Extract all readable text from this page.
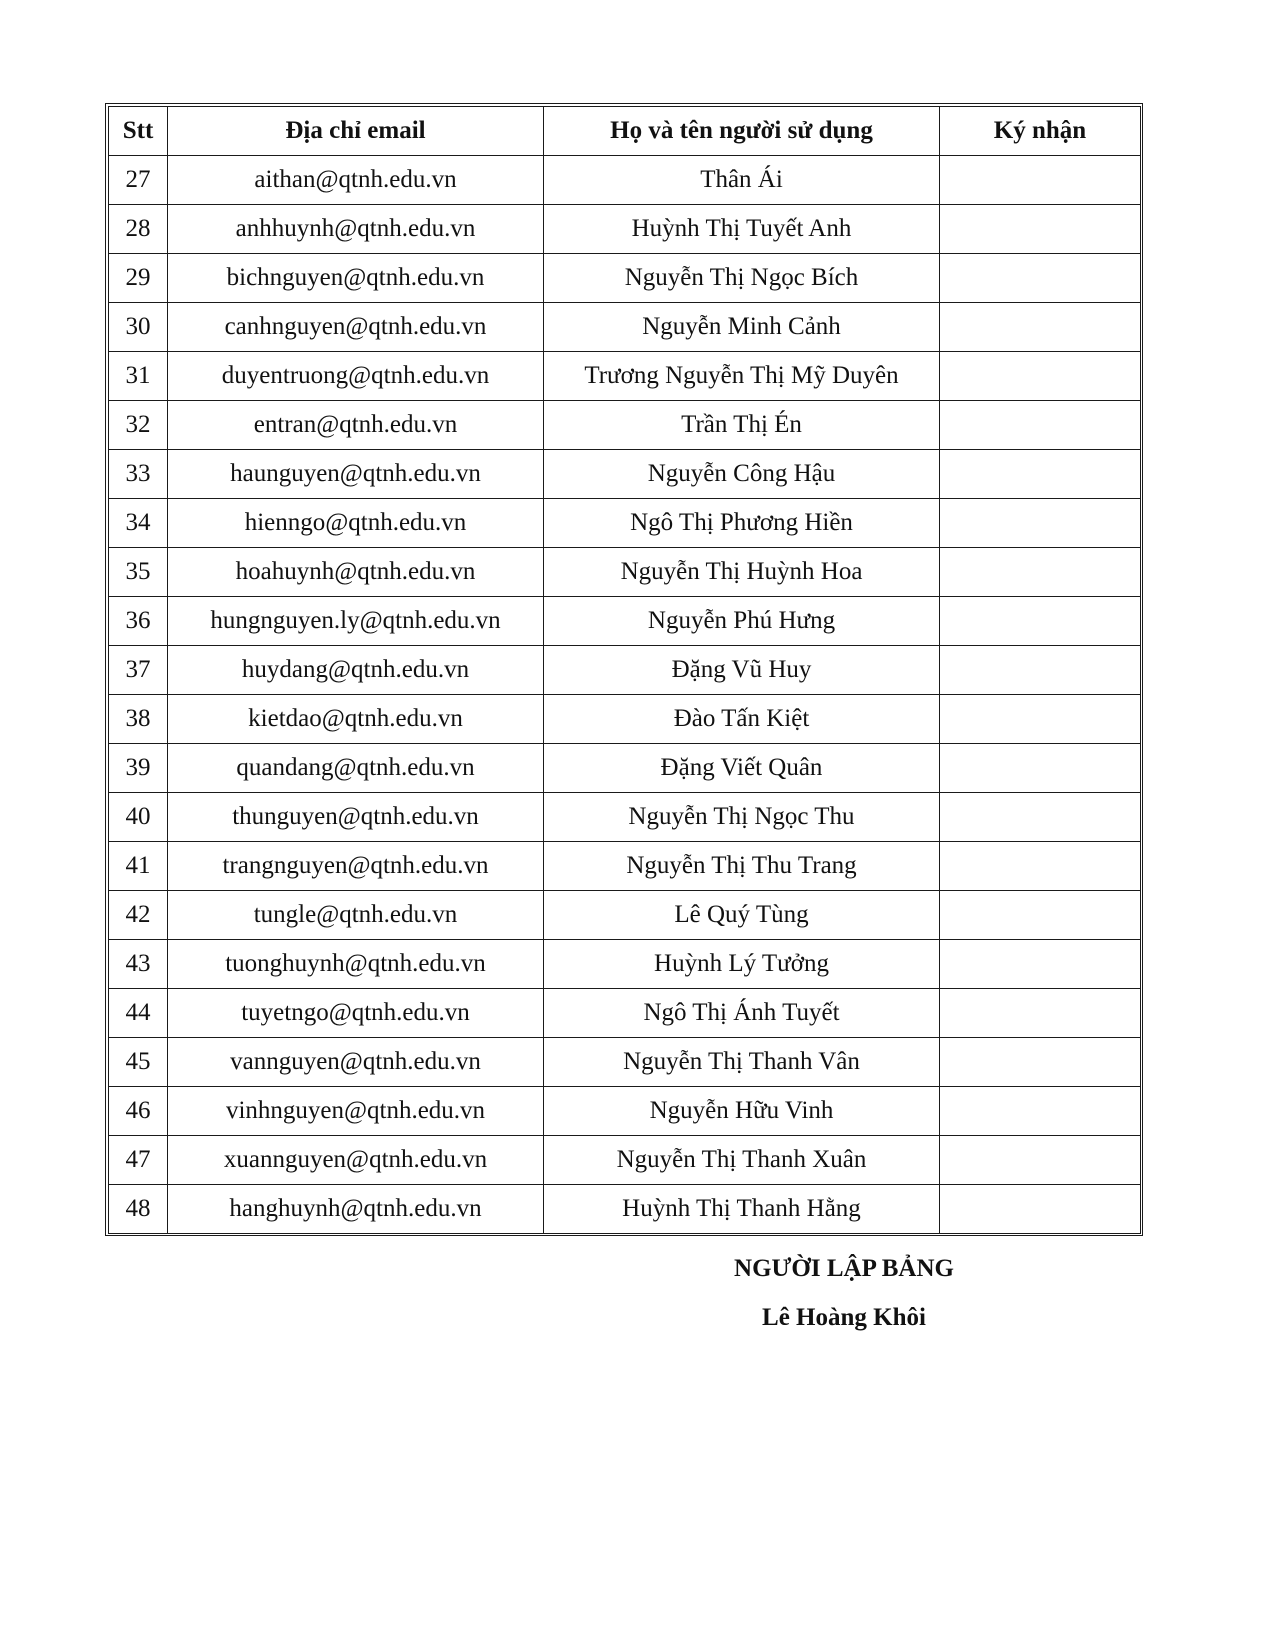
Stt	Địa chỉ email	Họ và tên người sử dụng	Ký nhận
27	aithan@qtnh.edu.vn	Thân Ái	
28	anhhuynh@qtnh.edu.vn	Huỳnh Thị Tuyết Anh	
29	bichnguyen@qtnh.edu.vn	Nguyễn Thị Ngọc Bích	
30	canhnguyen@qtnh.edu.vn	Nguyễn Minh Cảnh	
31	duyentruong@qtnh.edu.vn	Trương Nguyễn Thị Mỹ Duyên	
32	entran@qtnh.edu.vn	Trần Thị Én	
33	haunguyen@qtnh.edu.vn	Nguyễn Công Hậu	
34	hienngo@qtnh.edu.vn	Ngô Thị Phương Hiền	
35	hoahuynh@qtnh.edu.vn	Nguyễn Thị Huỳnh Hoa	
36	hungnguyen.ly@qtnh.edu.vn	Nguyễn Phú Hưng	
37	huydang@qtnh.edu.vn	Đặng Vũ Huy	
38	kietdao@qtnh.edu.vn	Đào Tấn Kiệt	
39	quandang@qtnh.edu.vn	Đặng Viết Quân	
40	thunguyen@qtnh.edu.vn	Nguyễn Thị Ngọc Thu	
41	trangnguyen@qtnh.edu.vn	Nguyễn Thị Thu Trang	
42	tungle@qtnh.edu.vn	Lê Quý Tùng	
43	tuonghuynh@qtnh.edu.vn	Huỳnh Lý Tưởng	
44	tuyetngo@qtnh.edu.vn	Ngô Thị Ánh Tuyết	
45	vannguyen@qtnh.edu.vn	Nguyễn Thị Thanh Vân	
46	vinhnguyen@qtnh.edu.vn	Nguyễn Hữu Vinh	
47	xuannguyen@qtnh.edu.vn	Nguyễn Thị Thanh Xuân	
48	hanghuynh@qtnh.edu.vn	Huỳnh Thị Thanh Hằng	
NGƯỜI LẬP BẢNG
Lê Hoàng Khôi
